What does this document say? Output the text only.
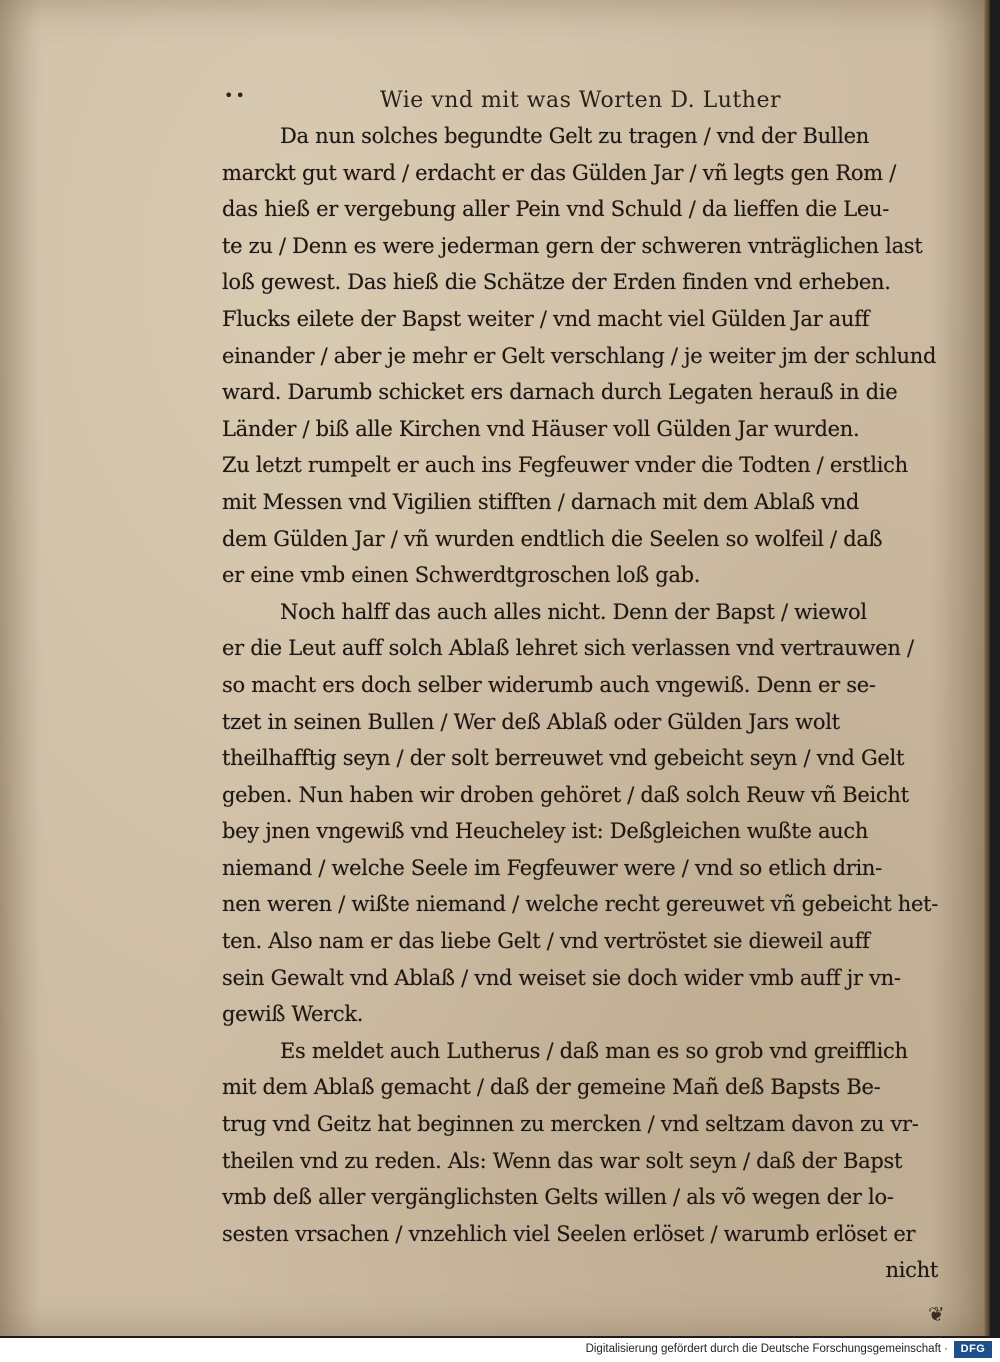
••	Wie vnd mit was Worten D. Luther
Da nun solches begundte Gelt zu tragen / vnd der Bullen
marckt gut ward / erdacht er das Gülden Jar / vñ legts gen Rom /
das hieß er vergebung aller Pein vnd Schuld / da lieffen die Leu-
te zu / Denn es were jederman gern der schweren vnträglichen last
loß gewest. Das hieß die Schätze der Erden finden vnd erheben.
Flucks eilete der Bapst weiter / vnd macht viel Gülden Jar auff
einander / aber je mehr er Gelt verschlang / je weiter jm der schlund
ward. Darumb schicket ers darnach durch Legaten herauß in die
Länder / biß alle Kirchen vnd Häuser voll Gülden Jar wurden.
Zu letzt rumpelt er auch ins Fegfeuwer vnder die Todten / erstlich
mit Messen vnd Vigilien stifften / darnach mit dem Ablaß vnd
dem Gülden Jar / vñ wurden endtlich die Seelen so wolfeil / daß
er eine vmb einen Schwerdtgroschen loß gab.
Noch halff das auch alles nicht. Denn der Bapst / wiewol
er die Leut auff solch Ablaß lehret sich verlassen vnd vertrauwen /
so macht ers doch selber widerumb auch vngewiß. Denn er se-
tzet in seinen Bullen / Wer deß Ablaß oder Gülden Jars wolt
theilhafftig seyn / der solt berreuwet vnd gebeicht seyn / vnd Gelt
geben. Nun haben wir droben gehöret / daß solch Reuw vñ Beicht
bey jnen vngewiß vnd Heucheley ist: Deßgleichen wußte auch
niemand / welche Seele im Fegfeuwer were / vnd so etlich drin-
nen weren / wißte niemand / welche recht gereuwet vñ gebeicht het-
ten. Also nam er das liebe Gelt / vnd vertröstet sie dieweil auff
sein Gewalt vnd Ablaß / vnd weiset sie doch wider vmb auff jr vn-
gewiß Werck.
Es meldet auch Lutherus / daß man es so grob vnd greifflich
mit dem Ablaß gemacht / daß der gemeine Mañ deß Bapsts Be-
trug vnd Geitz hat beginnen zu mercken / vnd seltzam davon zu vr-
theilen vnd zu reden. Als: Wenn das war solt seyn / daß der Bapst
vmb deß aller vergänglichsten Gelts willen / als võ wegen der lo-
sesten vrsachen / vnzehlich viel Seelen erlöset / warumb erlöset er
nicht
❦
Digitalisierung gefördert durch die Deutsche Forschungsgemeinschaft ·	DFG
